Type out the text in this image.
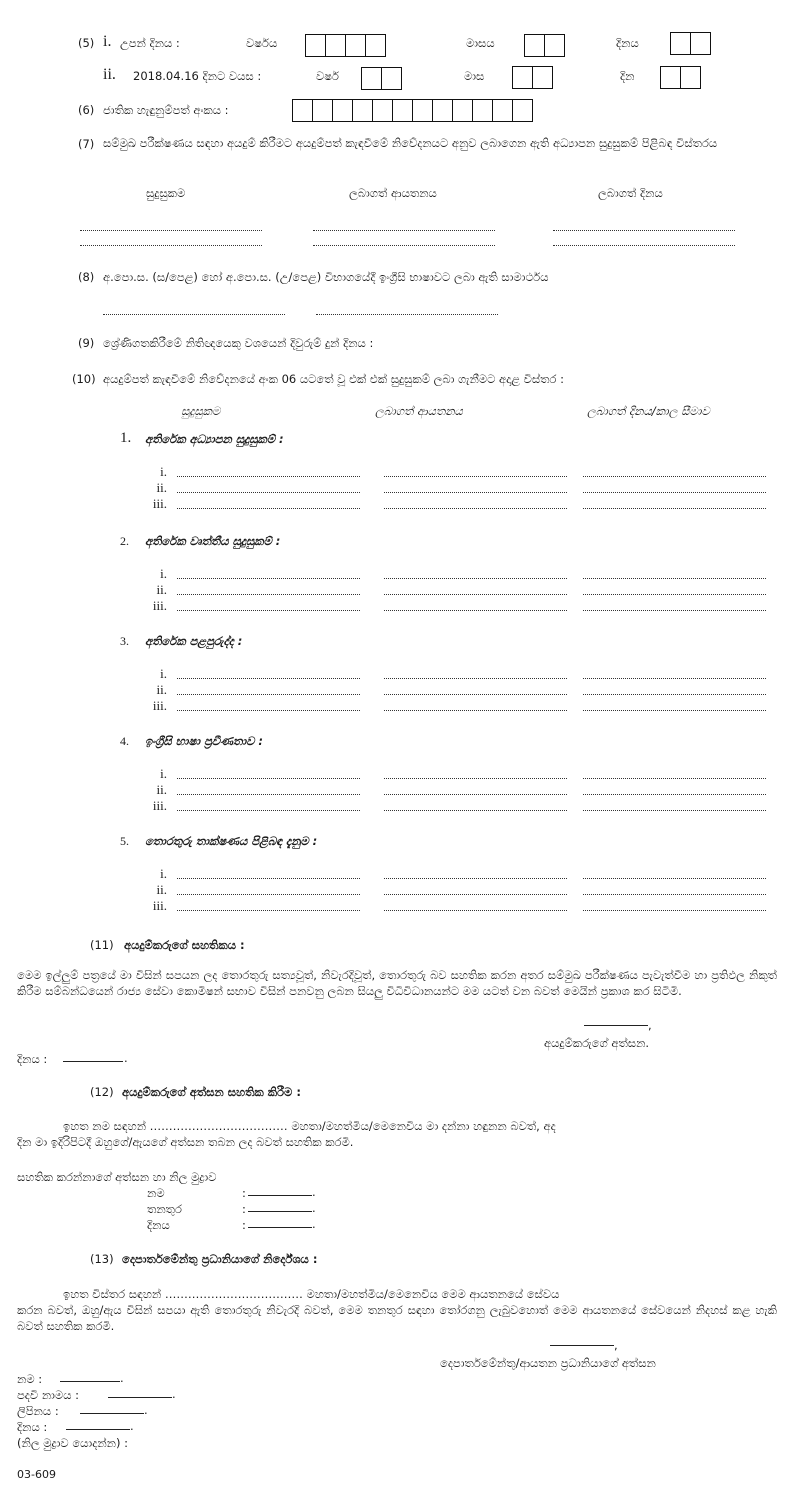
(5) i. උපන් දිනය :	වර්ෂය	මාසය	දිනය
ii. 2018.04.16 දිනට වයස :	වර්ෂ	මාස	දින
(6) ජාතික හැඳුනුම්පත් අංකය :
(7) සම්මුඛ පරීක්ෂණය සඳහා අයදුම් කිරීමට අයදුම්පත් කැඳවීමේ නිවේදනයට අනුව ලබාගෙන ඇති අධ්‍යාපන සුදුසුකම් පිළිබඳ විස්තරය
සුදුසුකම	ලබාගත් ආයතනය	ලබාගත් දිනය
(8) අ.පො.ස. (ස/පෙළ) හෝ අ.පො.ස. (උ/පෙළ) විභාගයේදී ඉංග්‍රීසි භාෂාවට ලබා ඇති සාමාර්ථය
(9) ශ්‍රේණිගතකිරීමේ නිතිඥයෙකු වශයෙන් දිවුරුම් දුන් දිනය :
(10) අයදුම්පත් කැඳවීමේ නිවේදනයේ අංක 06 යටතේ වූ එක් එක් සුදුසුකම් ලබා ගැනීමට අදාළ විස්තර :
සුදුසුකම	ලබාගත් ආයතනය	ලබාගත් දිනය/කාල සීමාව
1. අතිරේක අධ්‍යාපන සුදුසුකම් :
i.
ii.
iii.
2. අතිරේක වෘත්තීය සුදුසුකම් :
i.
ii.
iii.
3. අතිරේක පළපුරුද්ද :
i.
ii.
iii.
4. ඉංග්‍රීසි භාෂා ප්‍රවීණතාව :
i.
ii.
iii.
5. තොරතුරු තාක්ෂණය පිළිබඳ දැනුම :
i.
ii.
iii.
(11) අයදුම්කරුගේ සහතිකය :
මෙම ඉල්ලුම් පත්‍රයේ මා විසින් සපයන ලද තොරතුරු සත්‍යවූත්, නිවැරදිවූත්, තොරතුරු බව සහතික කරන අතර සම්මුඛ පරීක්ෂණය පැවැත්වීම හා ප්‍රතිඵල නිකුත් කිරීම සම්බන්ධයෙන් රාජ්‍ය සේවා කොමිෂන් සභාව විසින් පනවනු ලබන සියලු විධිවිධානයන්ට මම යටත් වන බවත් මෙයින් ප්‍රකාශ කර සිටිමි.
,
අයදුම්කරුගේ අත්සන.
දිනය :	.
(12) අයදුම්කරුගේ අත්සන සහතික කිරීම :
ඉහත නම සඳහන් ……………………………… මහතා/මහත්මිය/මෙනෙවිය මා දන්නා හඳුනන බවත්, අද
දින මා ඉදිරිපිටදී ඔහුගේ/ඇයගේ අත්සන තබන ලද බවත් සහතික කරමි.
සහතික කරන්නාගේ අත්සන හා නිල මුද්‍රාව
නම	:	.
තනතුර	:	.
දිනය	:	.
(13) දෙපාර්තමේන්තු ප්‍රධානියාගේ නිර්දේශය :
ඉහත විස්තර සඳහන් ……………………………… මහතා/මහත්මිය/මෙනෙවිය මෙම ආයතනයේ සේවය
කරන බවත්, ඔහු/ඇය විසින් සපයා ඇති තොරතුරු නිවැරදි බවත්, මෙම තනතුර සඳහා තෝරගනු ලැබුවහොත් මෙම ආයතනයේ සේවයෙන් නිදහස් කළ හැකි බවත් සහතික කරමි.
,
දෙපාර්තමේන්තු/ආයතන ප්‍රධානියාගේ අත්සන
නම :	.
පදවි නාමය :	.
ලිපිනය :	.
දිනය :	.
(නිල මුද්‍රාව යොදන්න) :
03-609
